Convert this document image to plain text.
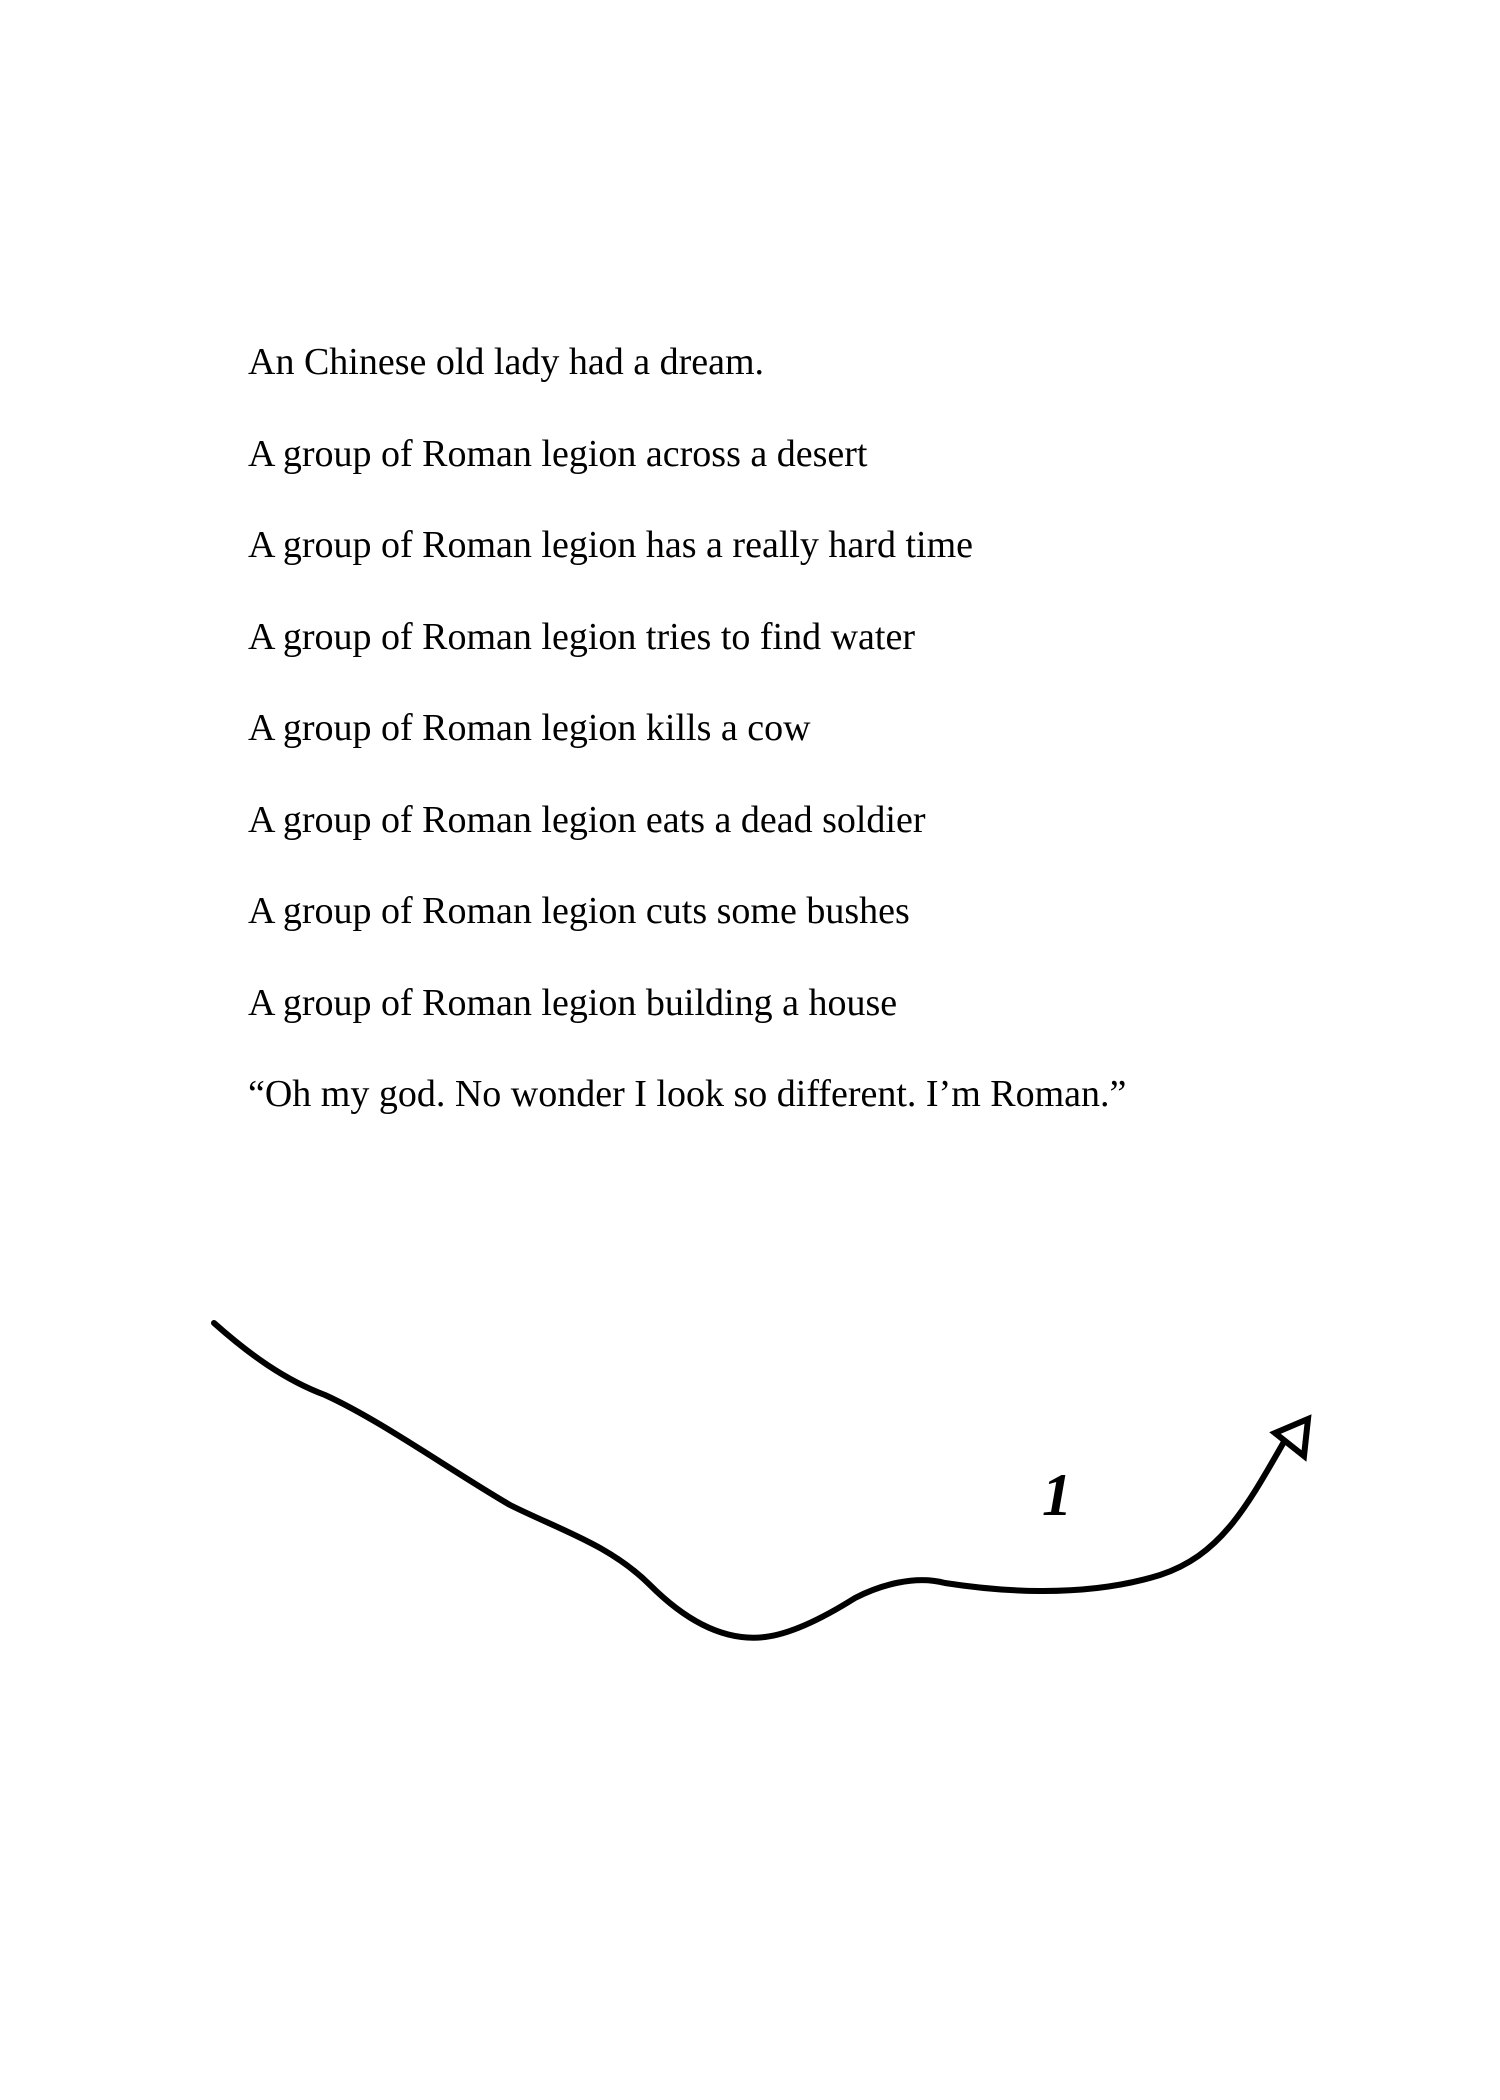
An Chinese old lady had a dream.
A group of Roman legion across a desert
A group of Roman legion has a really hard time
A group of Roman legion tries to find water
A group of Roman legion kills a cow
A group of Roman legion eats a dead soldier
A group of Roman legion cuts some bushes
A group of Roman legion building a house
“Oh my god. No wonder I look so different. I’m Roman.”
1
